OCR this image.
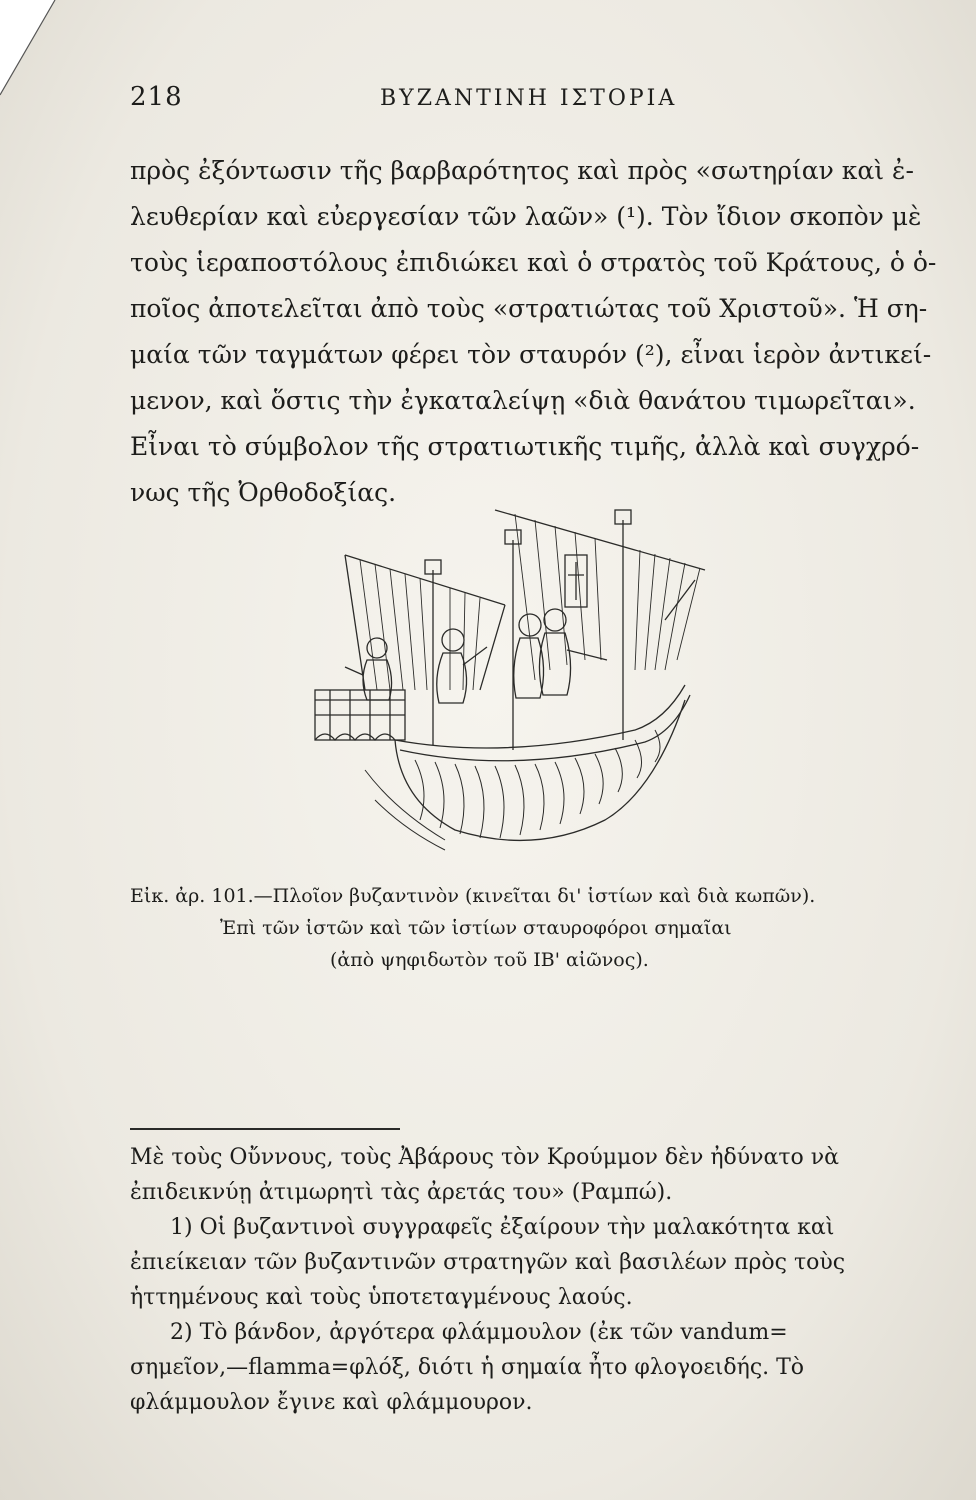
218	ΒΥΖΑΝΤΙΝΗ ΙΣΤΟΡΙΑ
πρὸς ἐξόντωσιν τῆς βαρβαρότητος καὶ πρὸς «σωτηρίαν καὶ ἐ-
λευθερίαν καὶ εὐεργεσίαν τῶν λαῶν» (¹). Τὸν ἴδιον σκοπὸν μὲ
τοὺς ἱεραποστόλους ἐπιδιώκει καὶ ὁ στρατὸς τοῦ Κράτους, ὁ ὁ-
ποῖος ἀποτελεῖται ἀπὸ τοὺς «στρατιώτας τοῦ Χριστοῦ». Ἡ ση-
μαία τῶν ταγμάτων φέρει τὸν σταυρόν (²), εἶναι ἱερὸν ἀντικεί-
μενον, καὶ ὅστις τὴν ἐγκαταλείψῃ «διὰ θανάτου τιμωρεῖται».
Εἶναι τὸ σύμβολον τῆς στρατιωτικῆς τιμῆς, ἀλλὰ καὶ συγχρό-
νως τῆς Ὀρθοδοξίας.
Εἰκ. ἀρ. 101.—Πλοῖον βυζαντινὸν (κινεῖται δι' ἱστίων καὶ διὰ κωπῶν).
Ἐπὶ τῶν ἱστῶν καὶ τῶν ἱστίων σταυροφόροι σημαῖαι
(ἀπὸ ψηφιδωτὸν τοῦ ΙΒ' αἰῶνος).
Μὲ τοὺς Οὔννους, τοὺς Ἀβάρους τὸν Κρούμμον δὲν ἠδύνατο νὰ
ἐπιδεικνύῃ ἀτιμωρητὶ τὰς ἀρετάς του» (Ραμπώ).
1) Οἱ βυζαντινοὶ συγγραφεῖς ἐξαίρουν τὴν μαλακότητα καὶ
ἐπιείκειαν τῶν βυζαντινῶν στρατηγῶν καὶ βασιλέων πρὸς τοὺς
ἡττημένους καὶ τοὺς ὑποτεταγμένους λαούς.
2) Τὸ βάνδον, ἀργότερα φλάμμουλον (ἐκ τῶν vandum=
σημεῖον,—flamma=φλόξ, διότι ἡ σημαία ἦτο φλογοειδής. Τὸ
φλάμμουλον ἔγινε καὶ φλάμμουρον.
